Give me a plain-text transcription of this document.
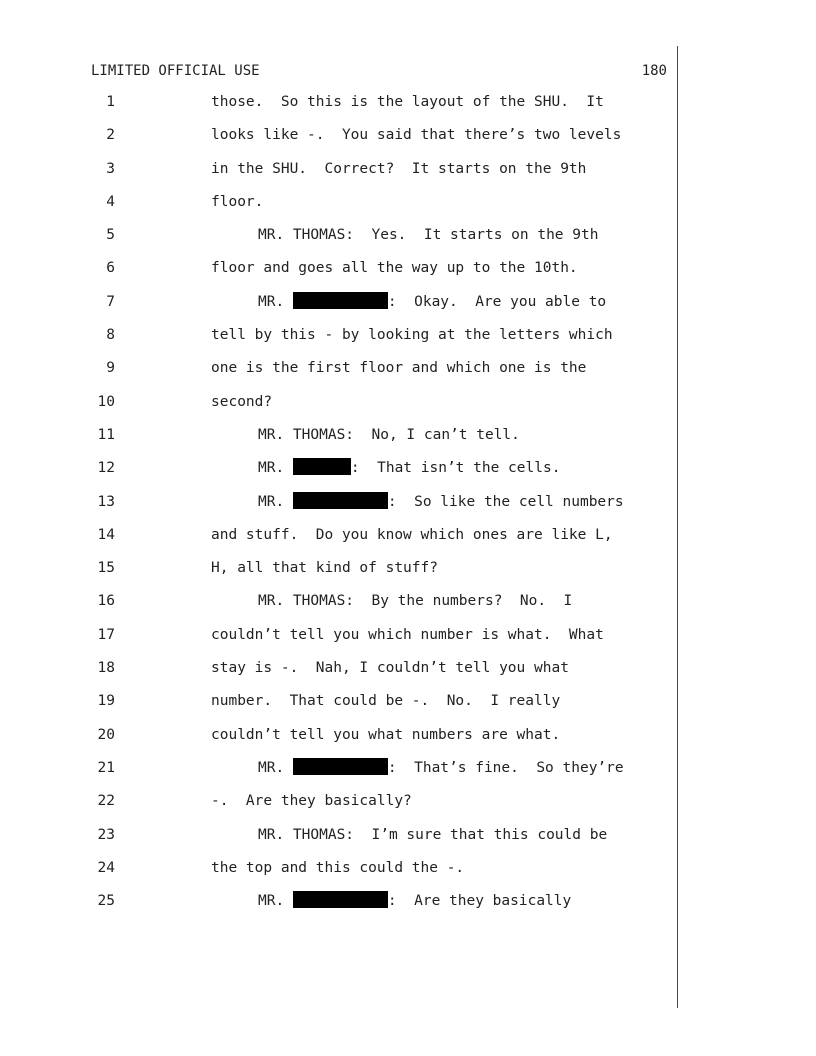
LIMITED OFFICIAL USE	180
1	those.  So this is the layout of the SHU.  It
2	looks like -.  You said that there’s two levels
3	in the SHU.  Correct?  It starts on the 9th
4	floor.
5	MR. THOMAS:  Yes.  It starts on the 9th
6	floor and goes all the way up to the 10th.
7	MR.	:  Okay.  Are you able to
8	tell by this - by looking at the letters which
9	one is the first floor and which one is the
10	second?
11	MR. THOMAS:  No, I can’t tell.
12	MR.	:  That isn’t the cells.
13	MR.	:  So like the cell numbers
14	and stuff.  Do you know which ones are like L,
15	H, all that kind of stuff?
16	MR. THOMAS:  By the numbers?  No.  I
17	couldn’t tell you which number is what.  What
18	stay is -.  Nah, I couldn’t tell you what
19	number.  That could be -.  No.  I really
20	couldn’t tell you what numbers are what.
21	MR.	:  That’s fine.  So they’re
22	-.  Are they basically?
23	MR. THOMAS:  I’m sure that this could be
24	the top and this could the -.
25	MR.	:  Are they basically
